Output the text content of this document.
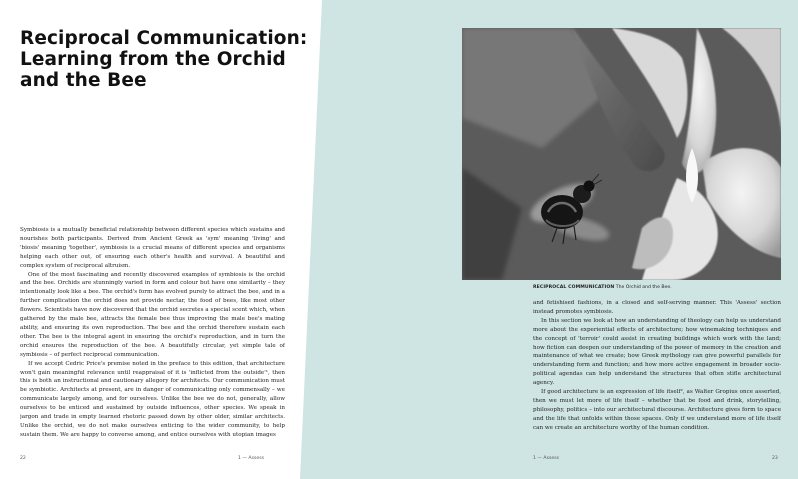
Reciprocal Communication:
Learning from the Orchid
and the Bee

Symbiosis is a mutually beneficial relationship between different species which sustains and nourishes both participants. Derived from Ancient Greek as 'sym' meaning 'living' and 'biosis' meaning 'together', symbiosis is a crucial means of different species and organisms helping each other out, of ensuring each other's health and survival. A beautiful and complex system of reciprocal altruism.

One of the most fascinating and recently discovered examples of symbiosis is the orchid and the bee. Orchids are stunningly varied in form and colour but have one similarity – they intentionally look like a bee. The orchid's form has evolved purely to attract the bee, and in a further complication the orchid does not provide nectar, the food of bees, like most other flowers. Scientists have now discovered that the orchid secretes a special scent which, when gathered by the male bee, attracts the female bee thus improving the male bee's mating ability, and ensuring its own reproduction. The bee and the orchid therefore sustain each other. The bee is the integral agent in ensuring the orchid's reproduction, and in turn the orchid ensures the reproduction of the bee. A beautifully circular, yet simple tale of symbiosis – of perfect reciprocal communication.

If we accept Cedric Price's premise noted in the preface to this edition, that architecture won't gain meaningful relevance until reappraisal of it is 'inflicted from the outside'¹, then this is both an instructional and cautionary allegory for architects. Our communication must be symbiotic. Architects at present, are in danger of communicating only commensally – we communicate largely among, and for ourselves. Unlike the bee we do not, generally, allow ourselves to be enticed and sustained by outside influences, other species. We speak in jargon and trade in empty learned rhetoric passed down by other older, similar architects. Unlike the orchid, we do not make ourselves enticing to the wider community, to help sustain them. We are happy to converse among, and entice ourselves with utopian images

RECIPROCAL COMMUNICATION The Orchid and the Bee.

and fetishised fashions, in a closed and self-serving manner. This 'Assess' section instead promotes symbiosis.

In this section we look at how an understanding of theology can help us understand more about the experiential effects of architecture; how winemaking techniques and the concept of 'terroir' could assist in creating buildings which work with the land; how fiction can deepen our understanding of the power of memory in the creation and maintenance of what we create; how Greek mythology can give powerful parallels for understanding form and function; and how more active engagement in broader socio-political agendas can help understand the structures that often stifle architectural agency.

If good architecture is an expression of life itself², as Walter Gropius once asserted, then we must let more of life itself – whether that be food and drink, storytelling, philosophy, politics – into our architectural discourse. Architecture gives form to space and the life that unfolds within those spaces. Only if we understand more of life itself can we create an architecture worthy of the human condition.

22	1 — Assess	1 — Assess	23
